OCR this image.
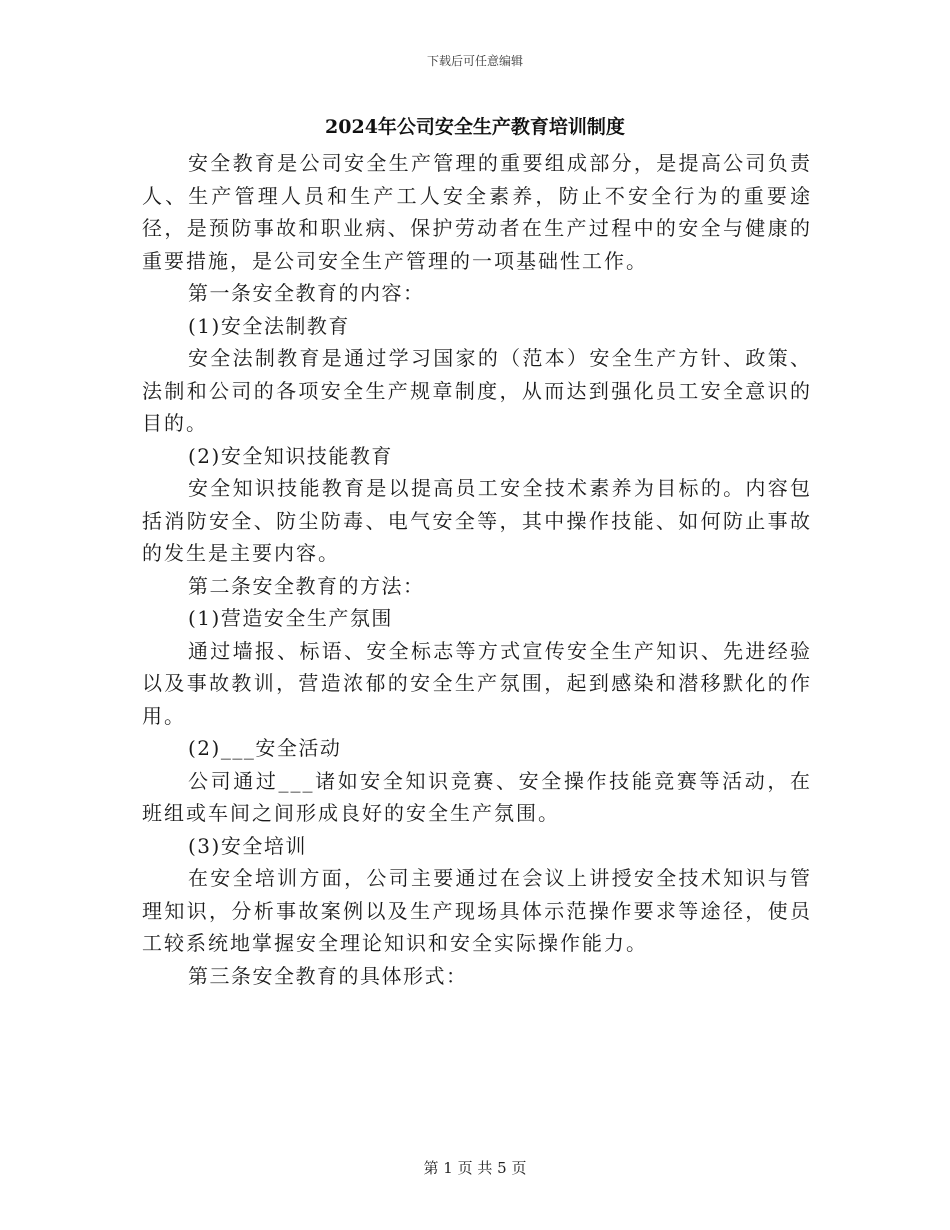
下载后可任意编辑
2024年公司安全生产教育培训制度

安全教育是公司安全生产管理的重要组成部分，是提高公司负责人、生产管理人员和生产工人安全素养，防止不安全行为的重要途径，是预防事故和职业病、保护劳动者在生产过程中的安全与健康的重要措施，是公司安全生产管理的一项基础性工作。

第一条安全教育的内容：

(1)安全法制教育

安全法制教育是通过学习国家的（范本）安全生产方针、政策、法制和公司的各项安全生产规章制度，从而达到强化员工安全意识的目的。

(2)安全知识技能教育

安全知识技能教育是以提高员工安全技术素养为目标的。内容包括消防安全、防尘防毒、电气安全等，其中操作技能、如何防止事故的发生是主要内容。

第二条安全教育的方法：

(1)营造安全生产氛围

通过墙报、标语、安全标志等方式宣传安全生产知识、先进经验以及事故教训，营造浓郁的安全生产氛围，起到感染和潜移默化的作用。

(2)___安全活动

公司通过___诸如安全知识竞赛、安全操作技能竞赛等活动，在班组或车间之间形成良好的安全生产氛围。

(3)安全培训

在安全培训方面，公司主要通过在会议上讲授安全技术知识与管理知识，分析事故案例以及生产现场具体示范操作要求等途径，使员工较系统地掌握安全理论知识和安全实际操作能力。

第三条安全教育的具体形式：

第 1 页 共 5 页
